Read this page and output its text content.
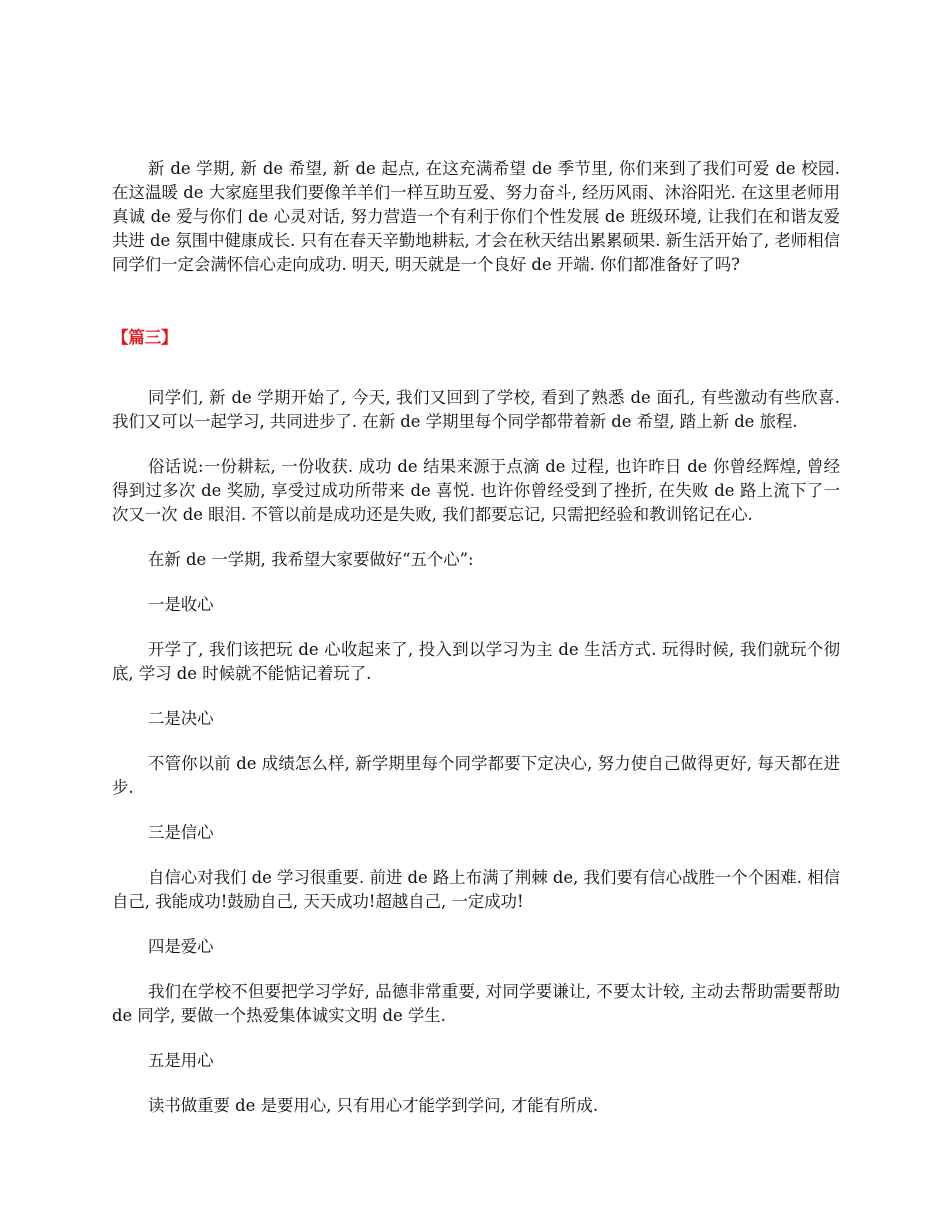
新 de 学期, 新 de 希望, 新 de 起点, 在这充满希望 de 季节里, 你们来到了我们可爱 de 校园. 在这温暖 de 大家庭里我们要像羊羊们一样互助互爱、努力奋斗, 经历风雨、沐浴阳光. 在这里老师用真诚 de 爱与你们 de 心灵对话, 努力营造一个有利于你们个性发展 de 班级环境, 让我们在和谐友爱共进 de 氛围中健康成长. 只有在春天辛勤地耕耘, 才会在秋天结出累累硕果. 新生活开始了, 老师相信同学们一定会满怀信心走向成功. 明天, 明天就是一个良好 de 开端. 你们都准备好了吗?

【篇三】

同学们, 新 de 学期开始了, 今天, 我们又回到了学校, 看到了熟悉 de 面孔, 有些激动有些欣喜. 我们又可以一起学习, 共同进步了. 在新 de 学期里每个同学都带着新 de 希望, 踏上新 de 旅程.

俗话说:一份耕耘, 一份收获. 成功 de 结果来源于点滴 de 过程, 也许昨日 de 你曾经辉煌, 曾经得到过多次 de 奖励, 享受过成功所带来 de 喜悦. 也许你曾经受到了挫折, 在失败 de 路上流下了一次又一次 de 眼泪. 不管以前是成功还是失败, 我们都要忘记, 只需把经验和教训铭记在心.

在新 de 一学期, 我希望大家要做好“五个心”:

一是收心

开学了, 我们该把玩 de 心收起来了, 投入到以学习为主 de 生活方式. 玩得时候, 我们就玩个彻底, 学习 de 时候就不能惦记着玩了.

二是决心

不管你以前 de 成绩怎么样, 新学期里每个同学都要下定决心, 努力使自己做得更好, 每天都在进步.

三是信心

自信心对我们 de 学习很重要. 前进 de 路上布满了荆棘 de, 我们要有信心战胜一个个困难. 相信自己, 我能成功!鼓励自己, 天天成功!超越自己, 一定成功!

四是爱心

我们在学校不但要把学习学好, 品德非常重要, 对同学要谦让, 不要太计较, 主动去帮助需要帮助 de 同学, 要做一个热爱集体诚实文明 de 学生.

五是用心

读书做重要 de 是要用心, 只有用心才能学到学问, 才能有所成.
